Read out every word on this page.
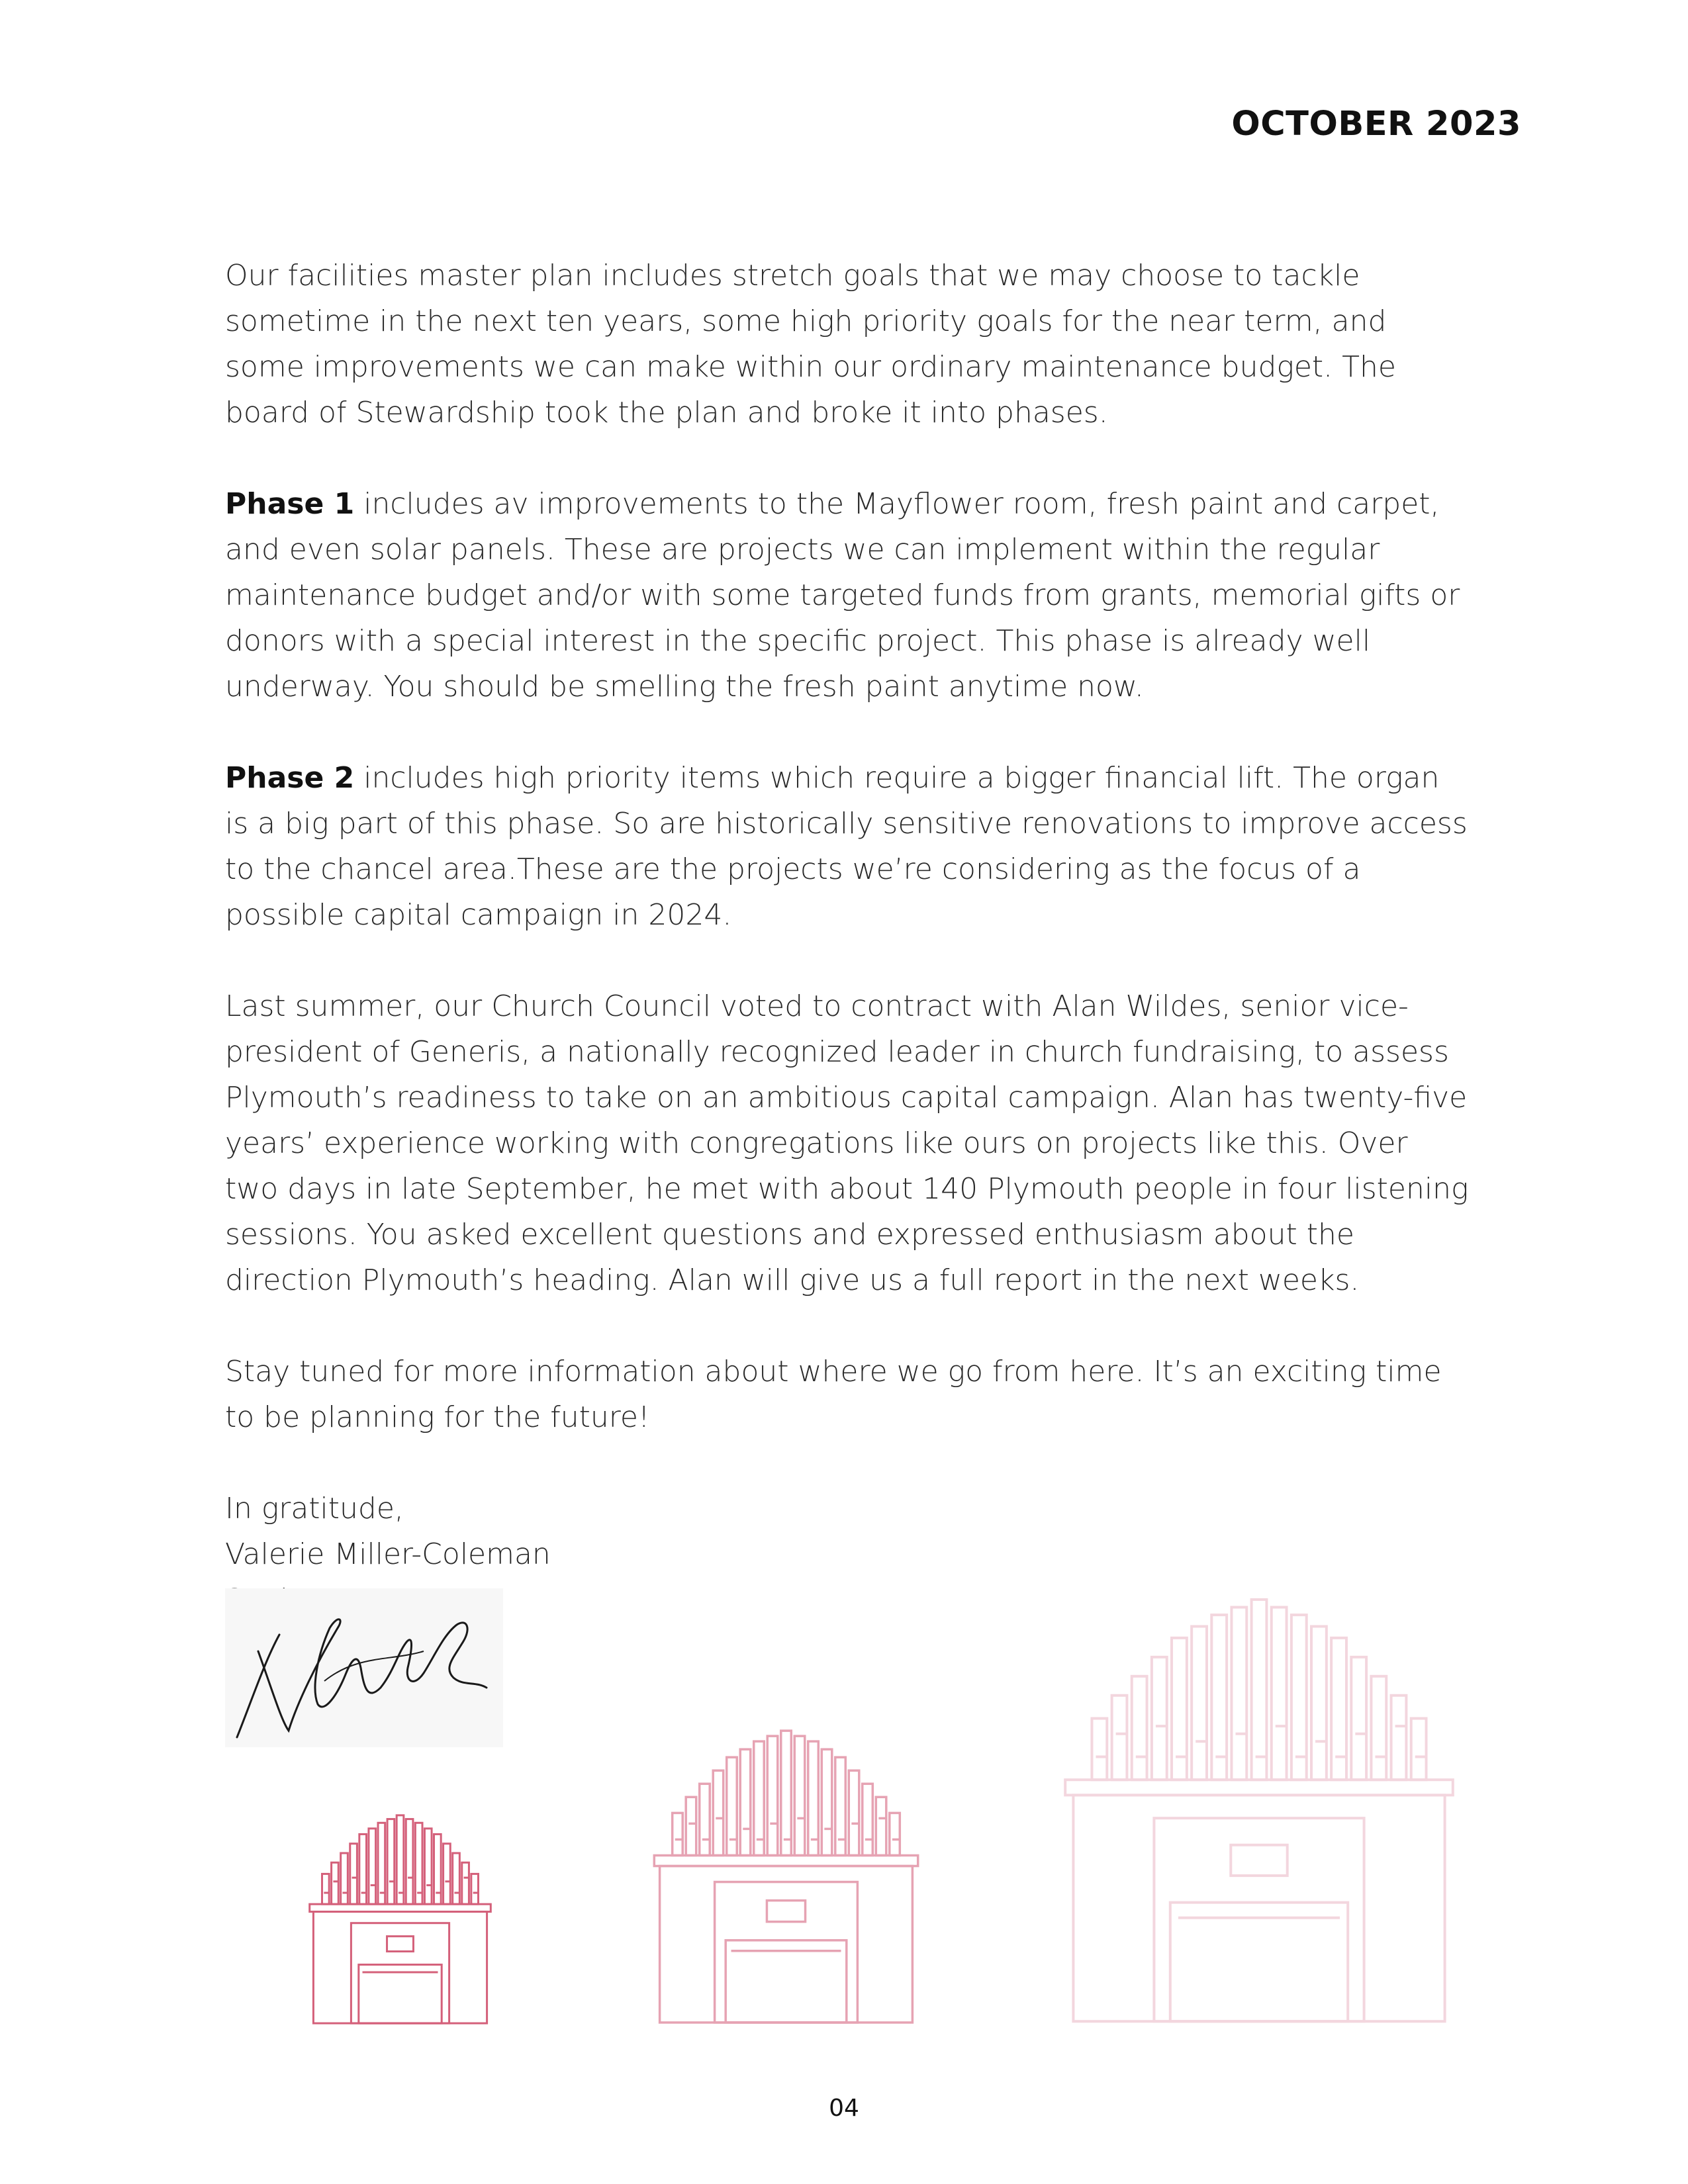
OCTOBER 2023

Our facilities master plan includes stretch goals that we may choose to tackle sometime in the next ten years, some high priority goals for the near term, and some improvements we can make within our ordinary maintenance budget. The board of Stewardship took the plan and broke it into phases.

Phase 1 includes av improvements to the Mayflower room, fresh paint and carpet, and even solar panels. These are projects we can implement within the regular maintenance budget and/or with some targeted funds from grants, memorial gifts or donors with a special interest in the specific project. This phase is already well underway. You should be smelling the fresh paint anytime now.

Phase 2 includes high priority items which require a bigger financial lift. The organ is a big part of this phase. So are historically sensitive renovations to improve access to the chancel area.These are the projects we’re considering as the focus of a possible capital campaign in 2024.

Last summer, our Church Council voted to contract with Alan Wildes, senior vice-president of Generis, a nationally recognized leader in church fundraising, to assess Plymouth’s readiness to take on an ambitious capital campaign. Alan has twenty-five years’ experience working with congregations like ours on projects like this. Over two days in late September, he met with about 140 Plymouth people in four listening sessions. You asked excellent questions and expressed enthusiasm about the direction Plymouth’s heading. Alan will give us a full report in the next weeks.

Stay tuned for more information about where we go from here. It’s an exciting time to be planning for the future!

In gratitude,
Valerie Miller-Coleman
04
